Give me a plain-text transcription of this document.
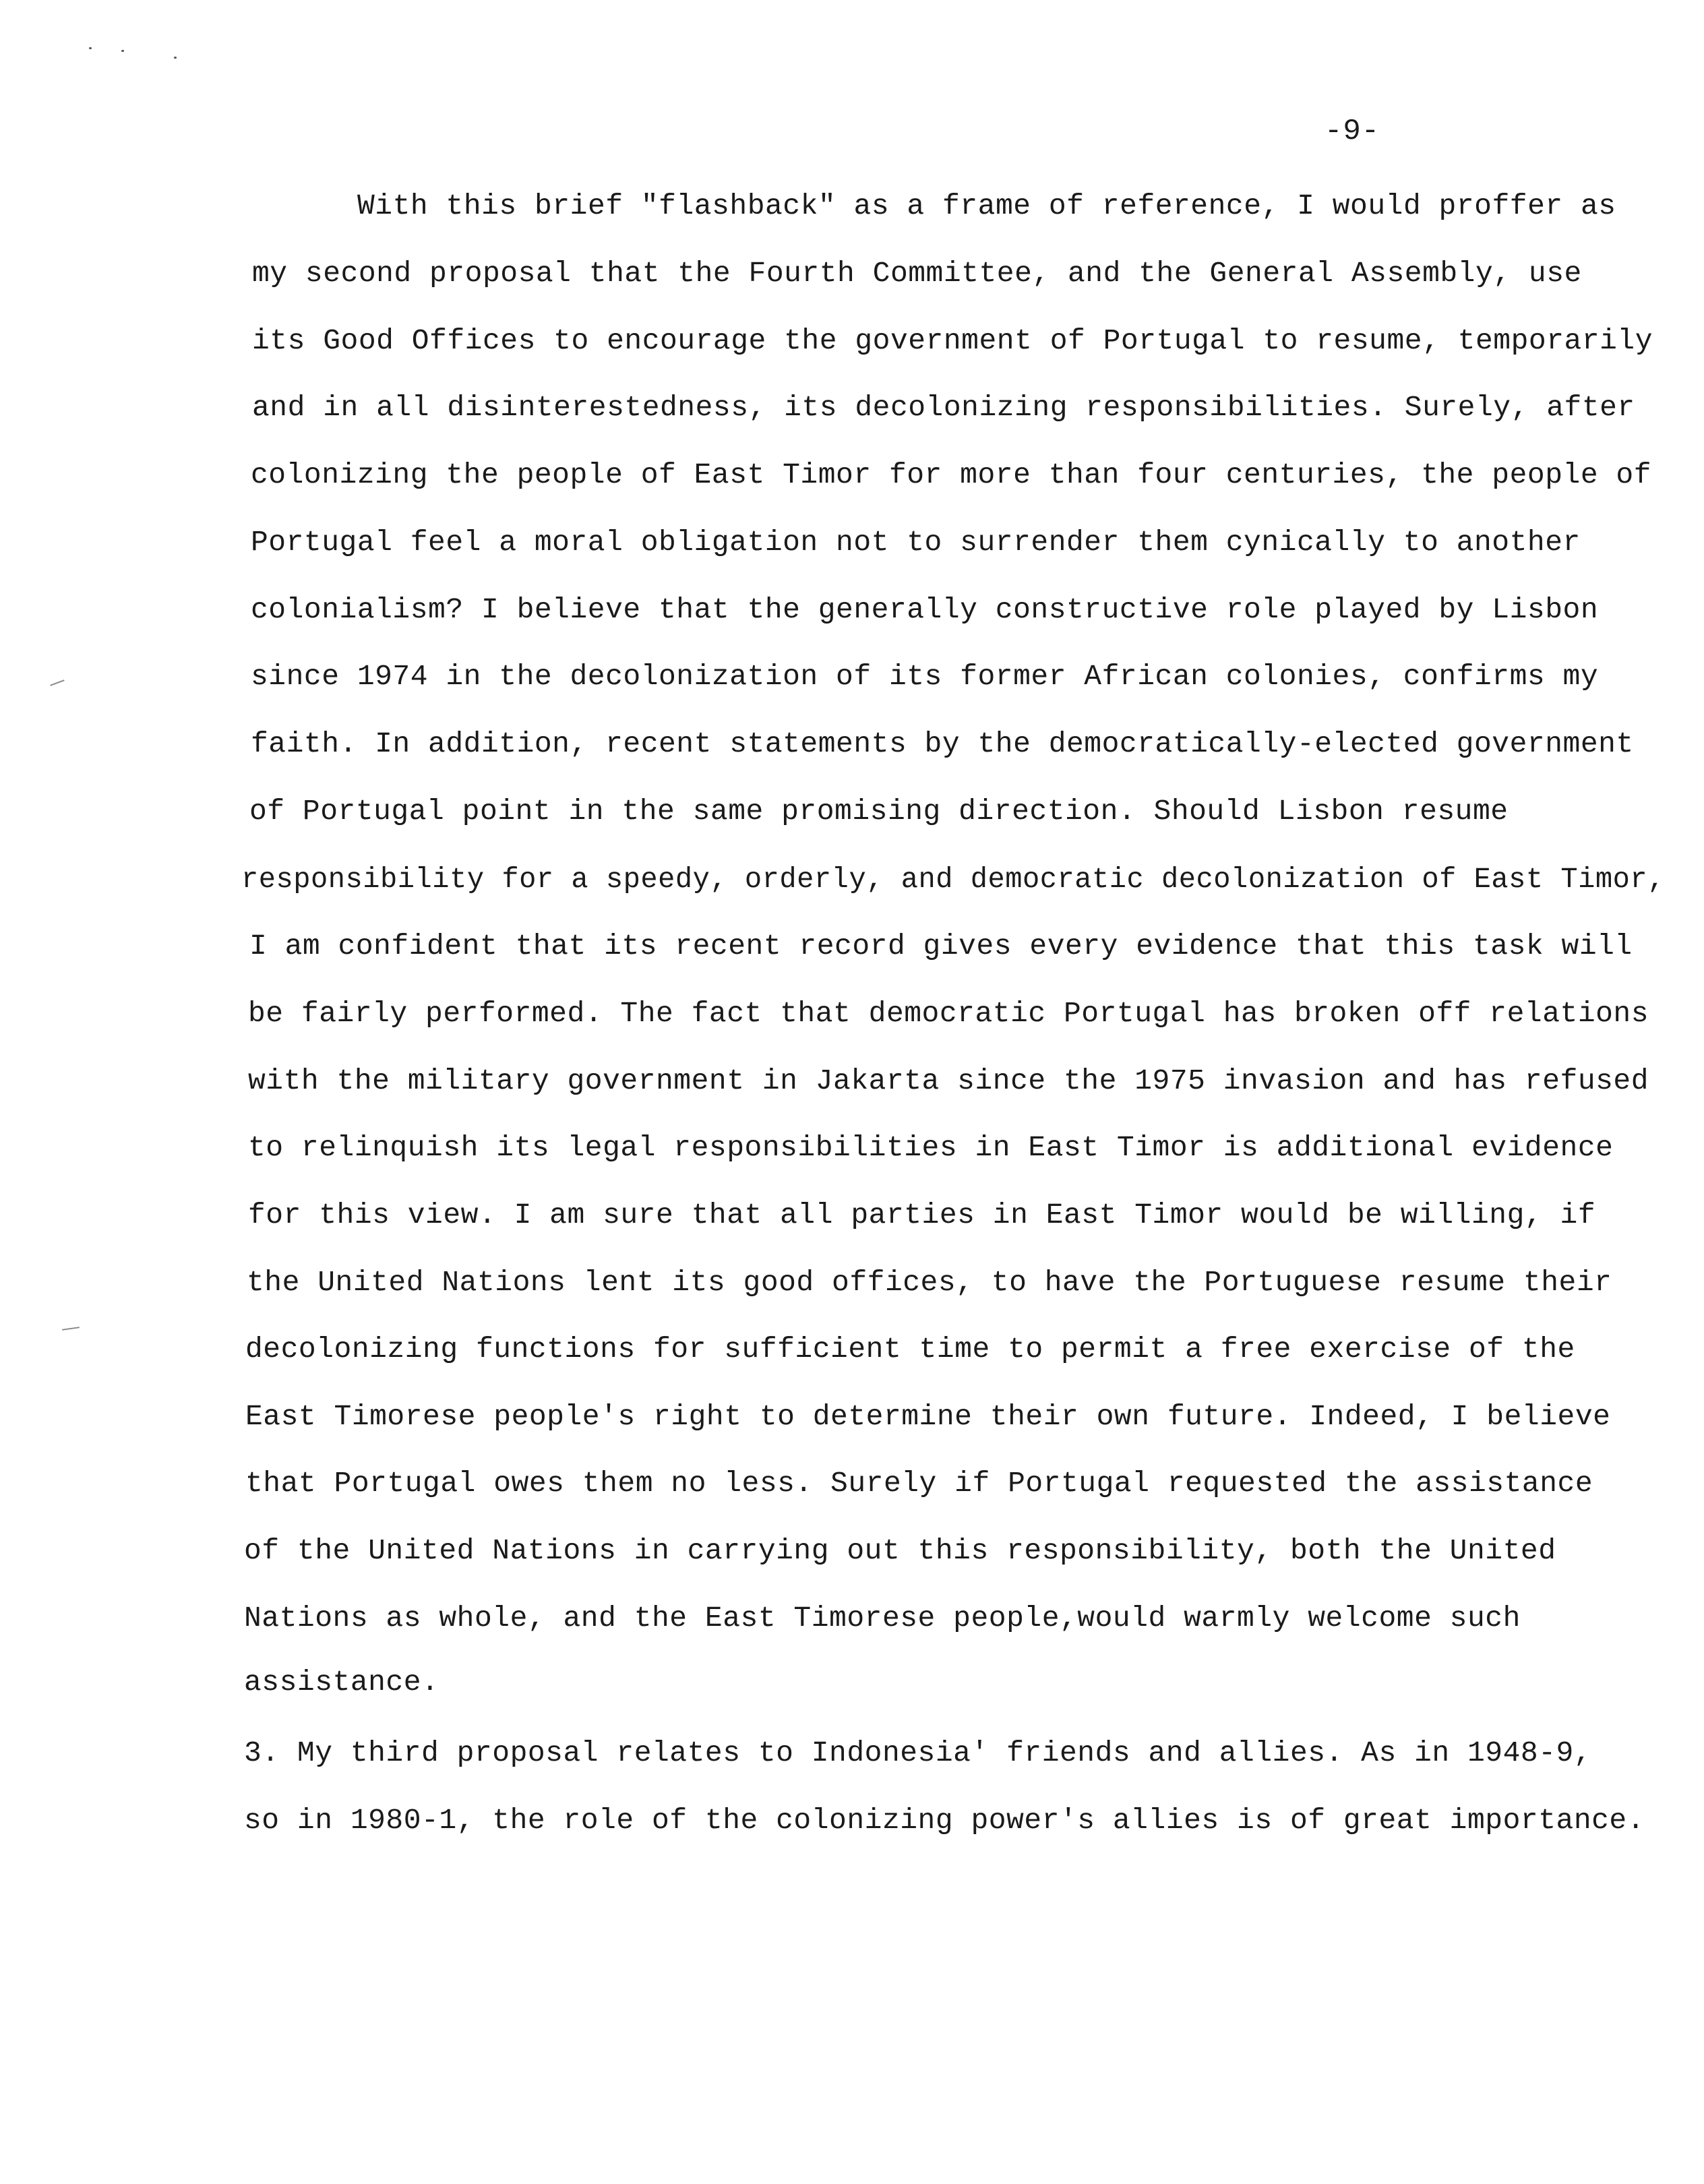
-9-
With this brief "flashback" as a frame of reference, I would proffer as
my second proposal that the Fourth Committee, and the General Assembly, use
its Good Offices to encourage the government of Portugal to resume, temporarily
and in all disinterestedness, its decolonizing responsibilities. Surely, after
colonizing the people of East Timor for more than four centuries, the people of
Portugal feel a moral obligation not to surrender them cynically to another
colonialism? I believe that the generally constructive role played by Lisbon
since 1974 in the decolonization of its former African colonies, confirms my
faith. In addition, recent statements by the democratically-elected government
of Portugal point in the same promising direction. Should Lisbon resume
responsibility for a speedy, orderly, and democratic decolonization of East Timor,
I am confident that its recent record gives every evidence that this task will
be fairly performed. The fact that democratic Portugal has broken off relations
with the military government in Jakarta since the 1975 invasion and has refused
to relinquish its legal responsibilities in East Timor is additional evidence
for this view. I am sure that all parties in East Timor would be willing, if
the United Nations lent its good offices, to have the Portuguese resume their
decolonizing functions for sufficient time to permit a free exercise of the
East Timorese people's right to determine their own future. Indeed, I believe
that Portugal owes them no less. Surely if Portugal requested the assistance
of the United Nations in carrying out this responsibility, both the United
Nations as whole, and the East Timorese people,would warmly welcome such
assistance.
3. My third proposal relates to Indonesia' friends and allies. As in 1948-9,
so in 1980-1, the role of the colonizing power's allies is of great importance.
